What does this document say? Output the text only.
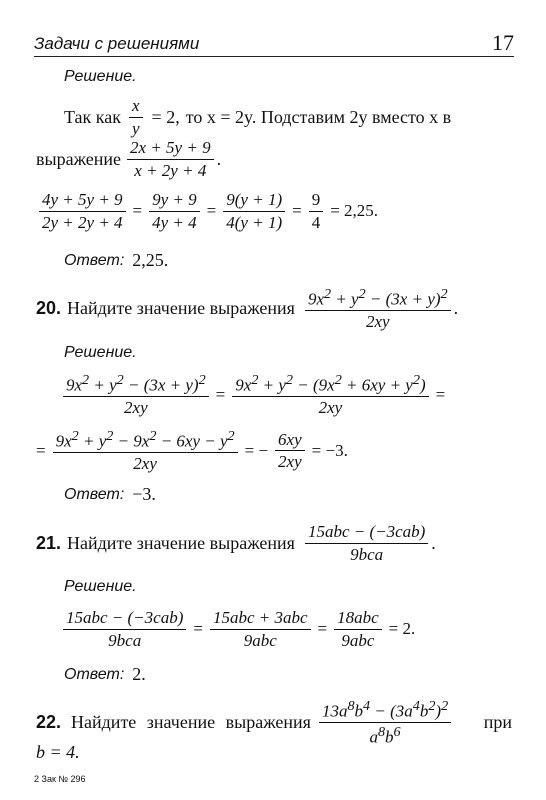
Задачи с решениями	17
Решение.
Так как $\frac{x}{y} = 2$, то x = 2y. Подставим 2y вместо x в
выражение $\frac{2x + 5y + 9}{x + 2y + 4}$ .
$\frac{4y + 5y + 9}{2y + 2y + 4} = \frac{9y + 9}{4y + 4} = \frac{9(y + 1)}{4(y + 1)} = \frac{9}{4} = 2,25$.
Ответ: 2,25.
20. Найдите значение выражения $\frac{9x^2 + y^2 - (3x + y)^2}{2xy}$ .
Решение.
$\frac{9x^2 + y^2 - (3x + y)^2}{2xy} = \frac{9x^2 + y^2 - (9x^2 + 6xy + y^2)}{2xy}$ =
= $\frac{9x^2 + y^2 - 9x^2 - 6xy - y^2}{2xy}$ = − $\frac{6xy}{2xy} = -3$.
Ответ: −3.
21. Найдите значение выражения $\frac{\text{15abc − (−3cab)}}{\text{9bca}}$ .
Решение.
$\frac{\text{15abc − (−3cab)}}{\text{9bca}} = \frac{\text{15abc + 3abc}}{\text{9abc}} = \frac{\text{18abc}}{\text{9abc}} = 2$.
Ответ: 2.
22. Найдите значение выражения $\frac{13a^8b^4 - (3a^4b^2)^2}{a^8b^6}$ при
b = 4.
2 Зак № 296
